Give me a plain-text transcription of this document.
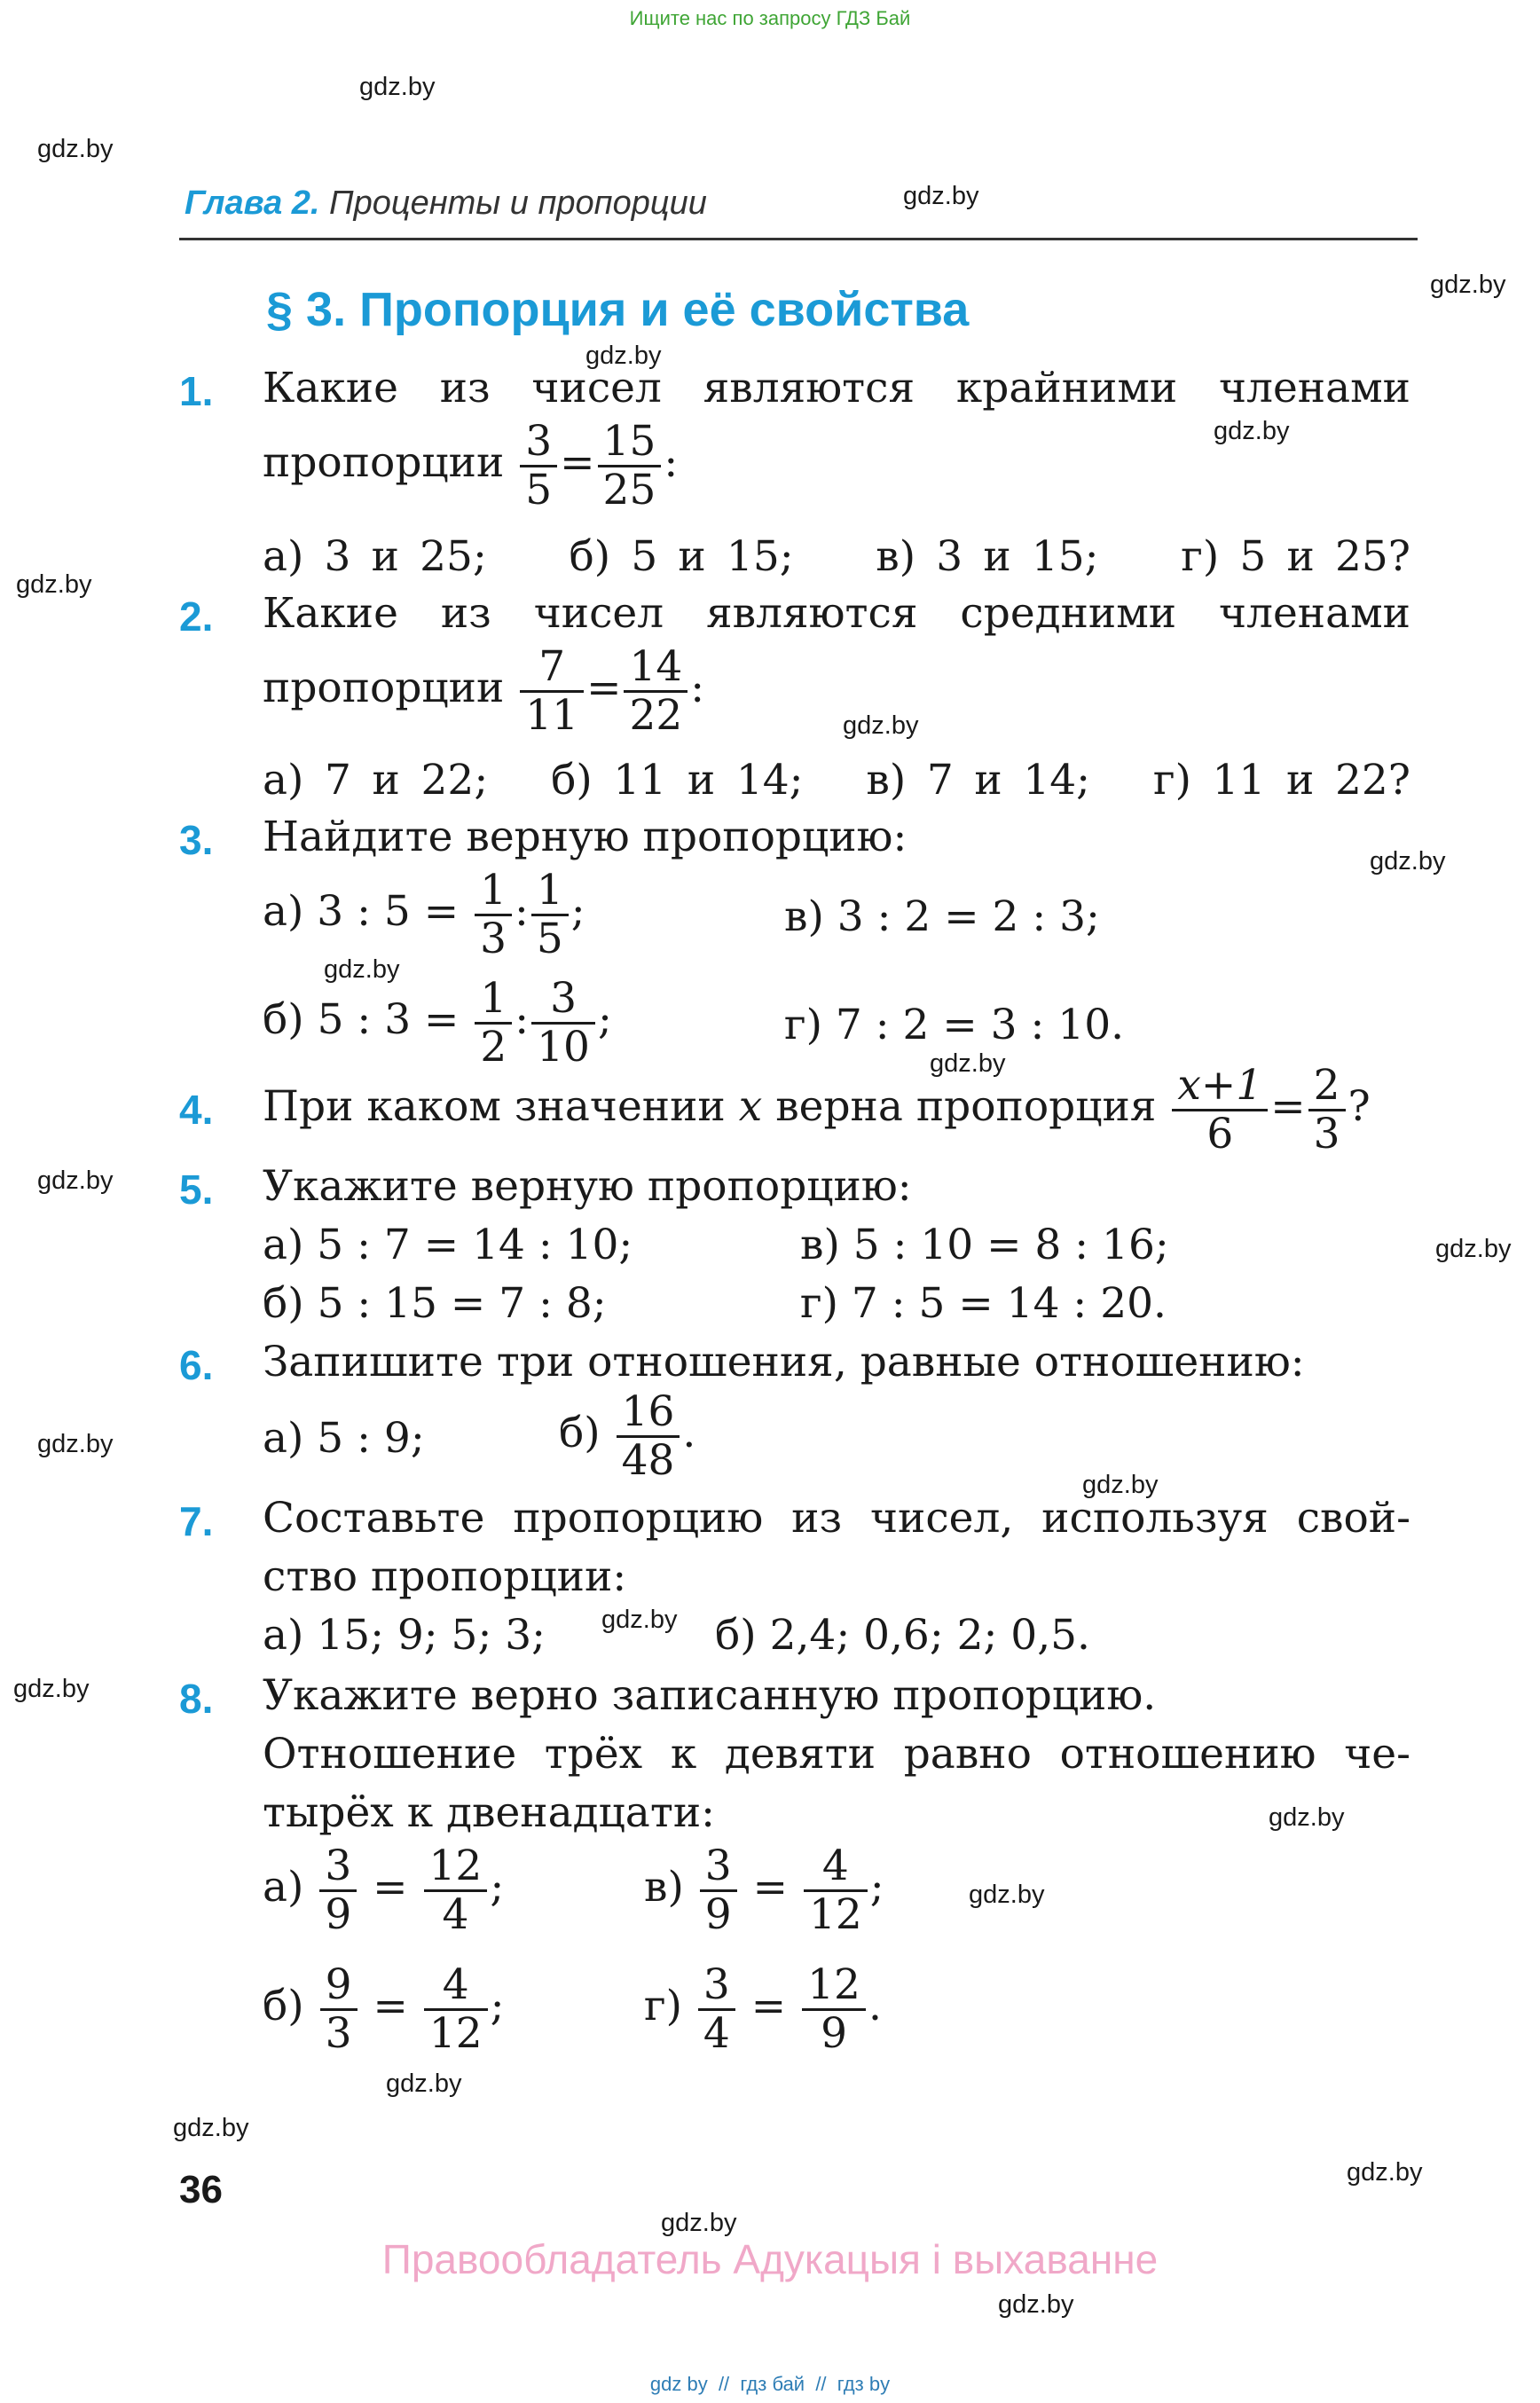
Ищите нас по запросу ГДЗ Бай
gdz.by
gdz.by
gdz.by
gdz.by
gdz.by
gdz.by
gdz.by
gdz.by
gdz.by
gdz.by
gdz.by
gdz.by
gdz.by
gdz.by
gdz.by
gdz.by
gdz.by
gdz.by
gdz.by
gdz.by
gdz.by
gdz.by
gdz.by
gdz.by
Глава 2. Проценты и пропорции
§ 3. Пропорция и её свойства
1. Какие из чисел являются крайними членами
пропорции $\frac{3}{5} = \frac{15}{25}$ :
а) 3 и 25;    б) 5 и 15;    в) 3 и 15;    г) 5 и 25?
2. Какие из чисел являются средними членами
пропорции $\frac{7}{11} = \frac{14}{22}$ :
а) 7 и 22;   б) 11 и 14;   в) 7 и 14;   г) 11 и 22?
3. Найдите верную пропорцию:
а) 3 : $5 = \frac{1}{3}$ : $\frac{1}{5}$ ;	в) 3 : 2 = 2 : 3;
б) 5 : $3 = \frac{1}{2}$ : $\frac{3}{10}$ ;	г) 7 : 2 = 3 : 10.
4. При каком значении x верна пропорция $\frac{x+1}{6} = \frac{2}{3}$ ?
5. Укажите верную пропорцию:
а) 5 : 7 = 14 : 10;	в) 5 : 10 = 8 : 16;
б) 5 : 15 = 7 : 8;	г) 7 : 5 = 14 : 20.
6. Запишите три отношения, равные отношению:
а) 5 : 9;	$б) \frac{16}{48}$ .
7. Составьте пропорцию из чисел, используя свой-
ство пропорции:
а) 15; 9; 5; 3;	б) 2,4; 0,6; 2; 0,5.
8. Укажите верно записанную пропорцию.
Отношение трёх к девяти равно отношению че-
тырёх к двенадцати:
$а) \frac{3}{9} = \frac{12}{4}$ ;	$в) \frac{3}{9} = \frac{4}{12}$ ;
$б) \frac{9}{3} = \frac{4}{12}$ ;	$г) \frac{3}{4} = \frac{12}{9}$ .
36
Правообладатель Адукацыя і выхаванне
gdz by  //  гдз бай  //  гдз by
